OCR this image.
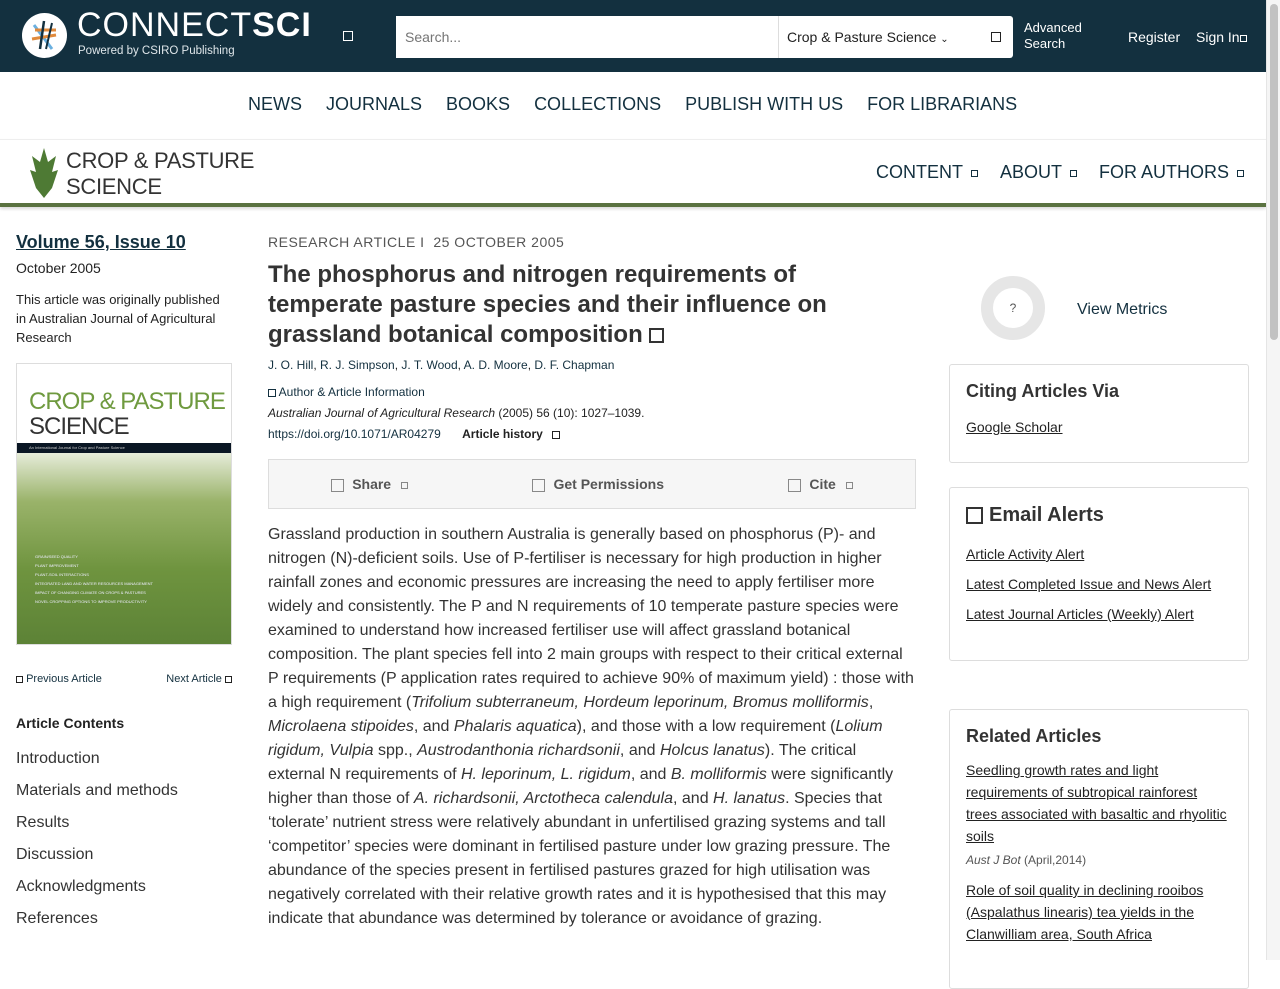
CONNECTSCI
Powered by CSIRO Publishing
Search...
Crop & Pasture Science ⌄
Advanced
Search	Register Sign In
NEWS JOURNALS BOOKS COLLECTIONS PUBLISH WITH US FOR LIBRARIANS
CROP & PASTURE
SCIENCE
CONTENT	ABOUT	FOR AUTHORS
Volume 56, Issue 10
October 2005
This article was originally published in Australian Journal of Agricultural Research
CROP & PASTURE
SCIENCE
An International Journal for Crop and Pasture Science
GRAIN/SEED QUALITY
PLANT IMPROVEMENT
PLANT-SOIL INTERACTIONS
INTEGRATED LAND AND WATER RESOURCES MANAGEMENT
IMPACT OF CHANGING CLIMATE ON CROPS & PASTURES
NOVEL CROPPING OPTIONS TO IMPROVE PRODUCTIVITY
Previous Article	Next Article
Article Contents
Introduction
Materials and methods
Results
Discussion
Acknowledgments
References
RESEARCH ARTICLE I  25 OCTOBER 2005
The phosphorus and nitrogen requirements of temperate pasture species and their influence on grassland botanical composition
J. O. Hill, R. J. Simpson, J. T. Wood, A. D. Moore, D. F. Chapman
Author & Article Information
Australian Journal of Agricultural Research (2005) 56 (10): 1027–1039.
https://doi.org/10.1071/AR04279 Article history
Share	Get Permissions	Cite

Grassland production in southern Australia is generally based on phosphorus (P)- and nitrogen (N)-deficient soils. Use of P-fertiliser is necessary for high production in higher rainfall zones and economic pressures are increasing the need to apply fertiliser more widely and consistently. The P and N requirements of 10 temperate pasture species were examined to understand how increased fertiliser use will affect grassland botanical composition. The plant species fell into 2 main groups with respect to their critical external P requirements (P application rates required to achieve 90% of maximum yield) : those with a high requirement (Trifolium subterraneum, Hordeum leporinum, Bromus molliformis, Microlaena stipoides, and Phalaris aquatica), and those with a low requirement (Lolium rigidum, Vulpia spp., Austrodanthonia richardsonii, and Holcus lanatus). The critical external N requirements of H. leporinum, L. rigidum, and B. molliformis were significantly higher than those of A. richardsonii, Arctotheca calendula, and H. lanatus. Species that ‘tolerate’ nutrient stress were relatively abundant in unfertilised grazing systems and tall ‘competitor’ species were dominant in fertilised pasture under low grazing pressure. The abundance of the species present in fertilised pastures grazed for high utilisation was negatively correlated with their relative growth rates and it is hypothesised that this may indicate that abundance was determined by tolerance or avoidance of grazing.

?	View Metrics
Citing Articles Via
Google Scholar
Email Alerts
Article Activity Alert
Latest Completed Issue and News Alert
Latest Journal Articles (Weekly) Alert
Related Articles
Seedling growth rates and light requirements of subtropical rainforest trees associated with basaltic and rhyolitic soils
Aust J Bot (April,2014)
Role of soil quality in declining rooibos (Aspalathus linearis) tea yields in the Clanwilliam area, South Africa
